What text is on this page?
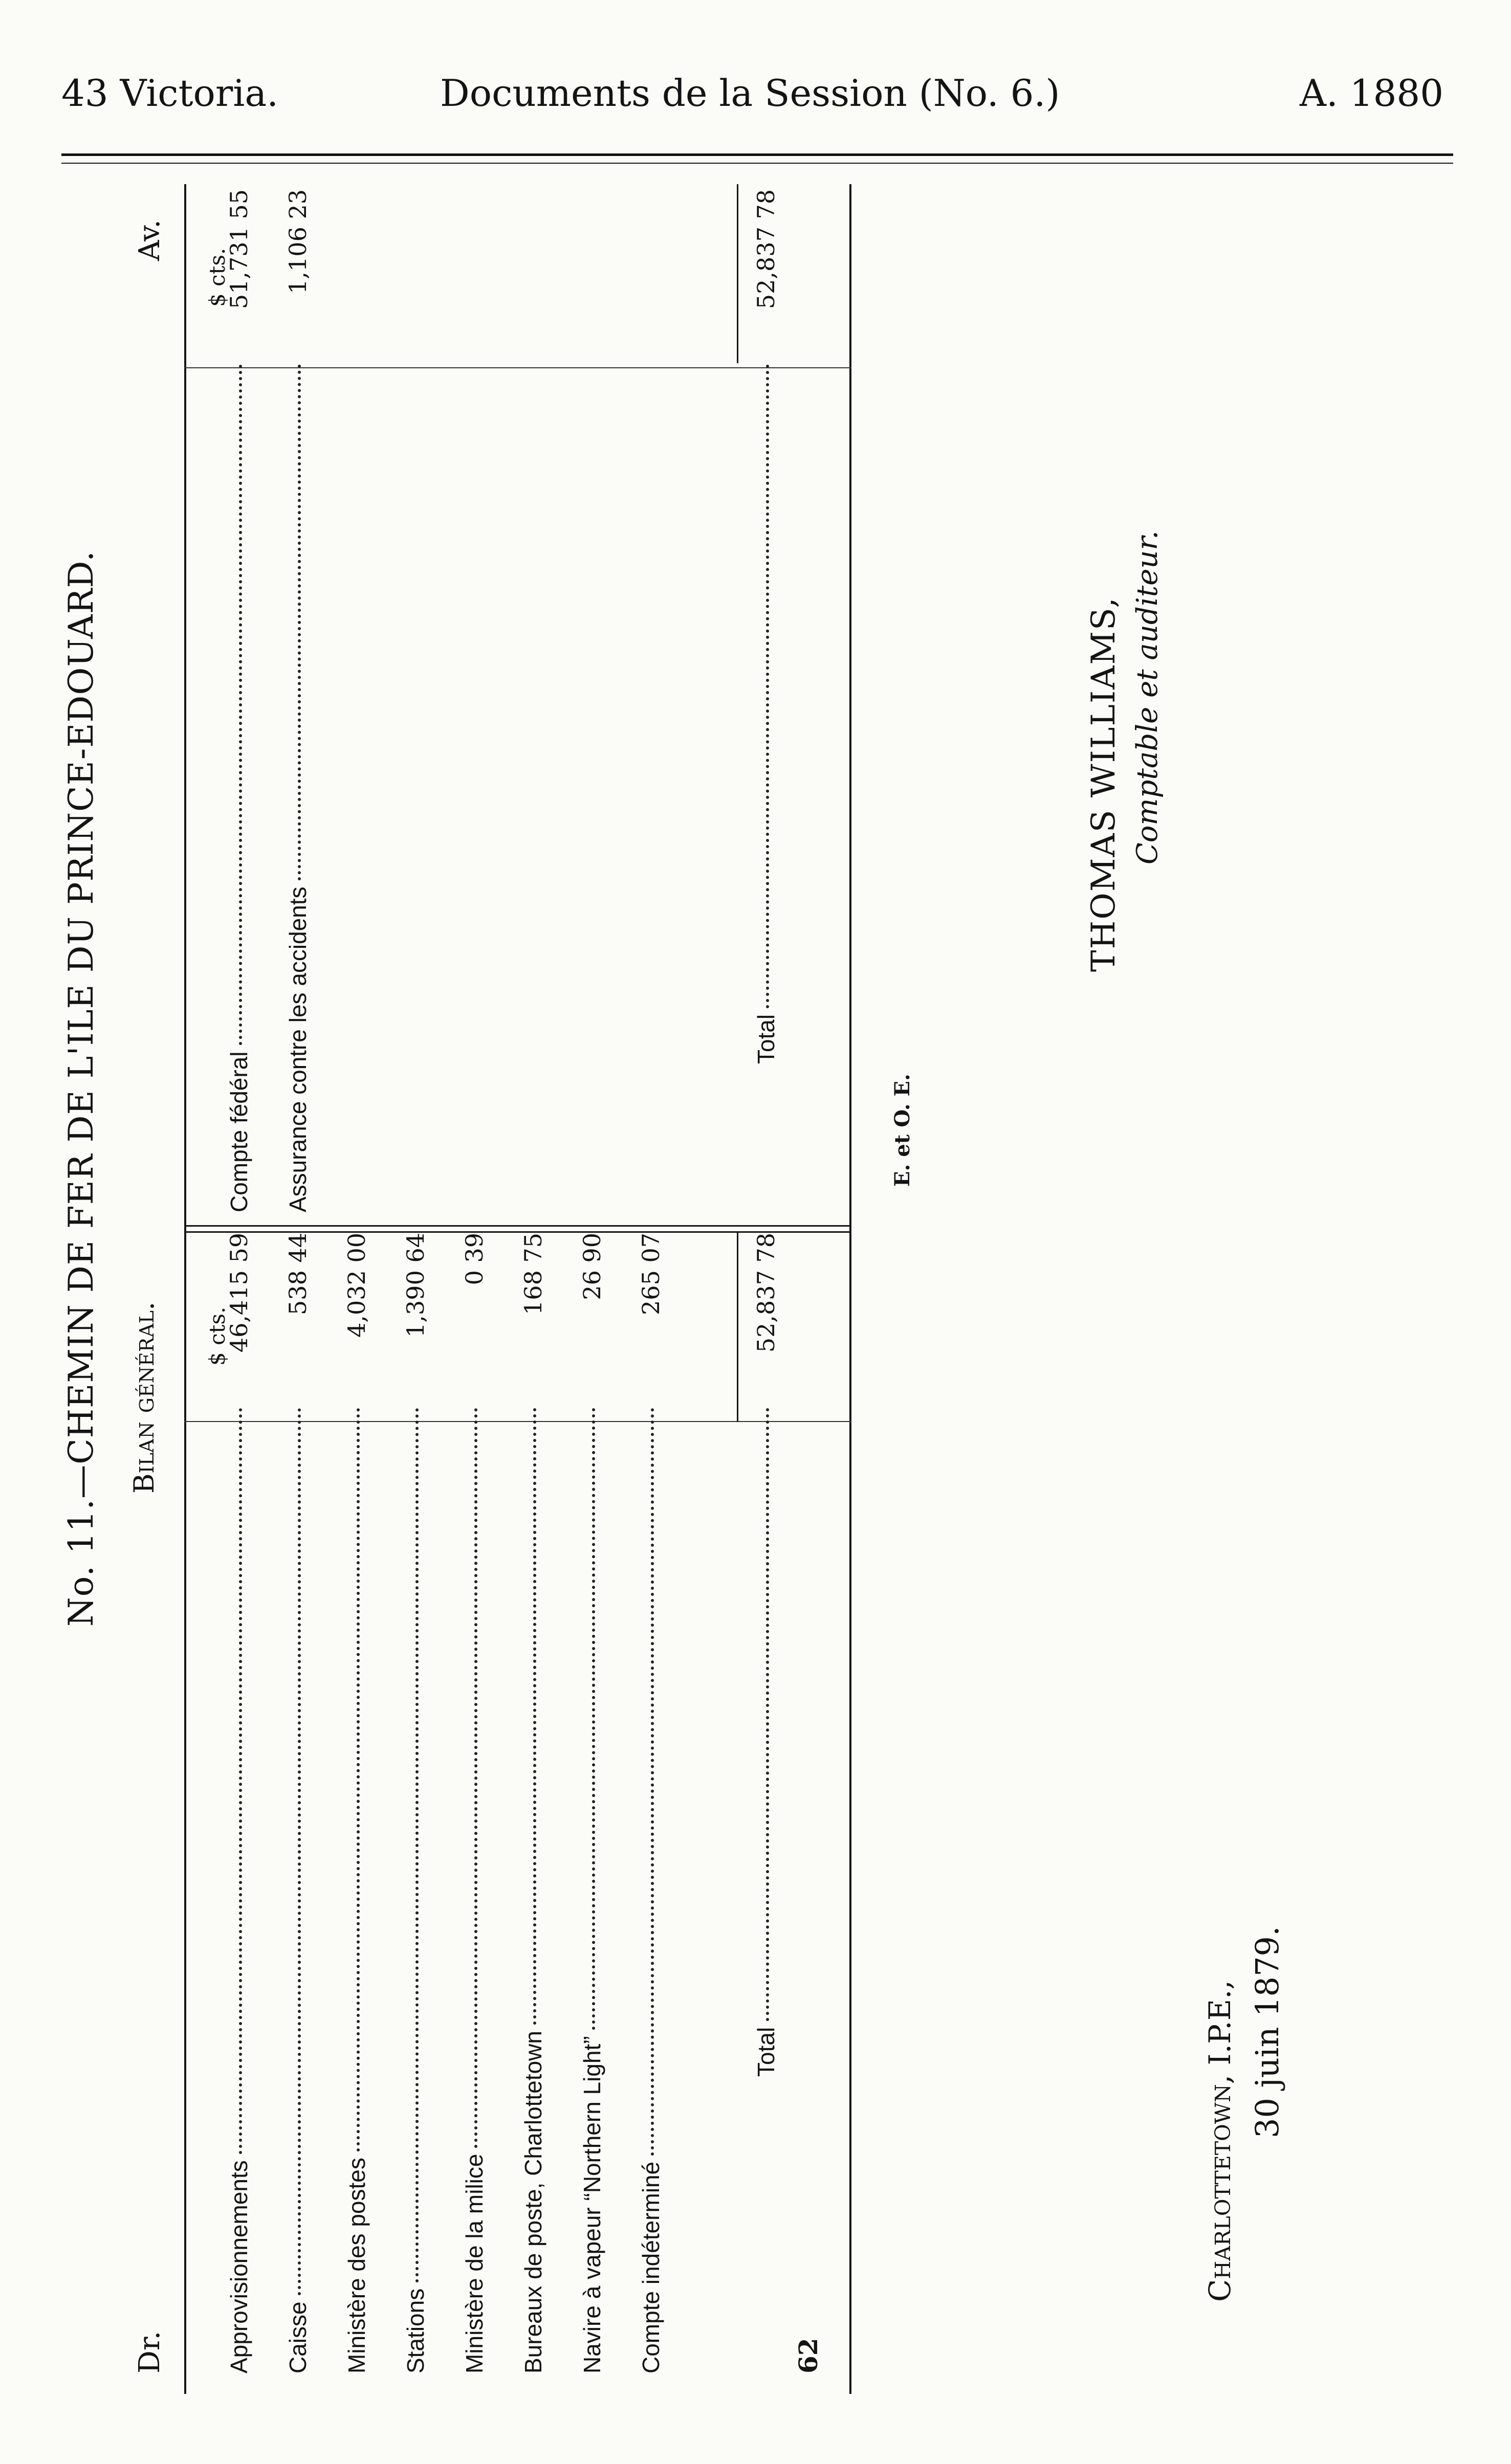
43 Victoria.	Documents de la Session (No. 6.)	A. 1880
No. 11.—CHEMIN DE FER DE L'ILE DU PRINCE-EDOUARD. Bilan général.
Dr.
Av.
$ cts.
$ cts.
Approvisionnements
46,415 59
Caisse
538 44
Ministère des postes
4,032 00
Stations
1,390 64
Ministère de la milice
0 39
Bureaux de poste, Charlottetown
168 75
Navire à vapeur “Northern Light”
26 90
Compte indéterminé
265 07
Total
52,837 78
Compte fédéral
51,731 55
Assurance contre les accidents
1,106 23
Total
52,837 78
62
E. et O. E.
THOMAS WILLIAMS, Comptable et auditeur.
Charlottetown, I.P.E., 30 juin 1879.
